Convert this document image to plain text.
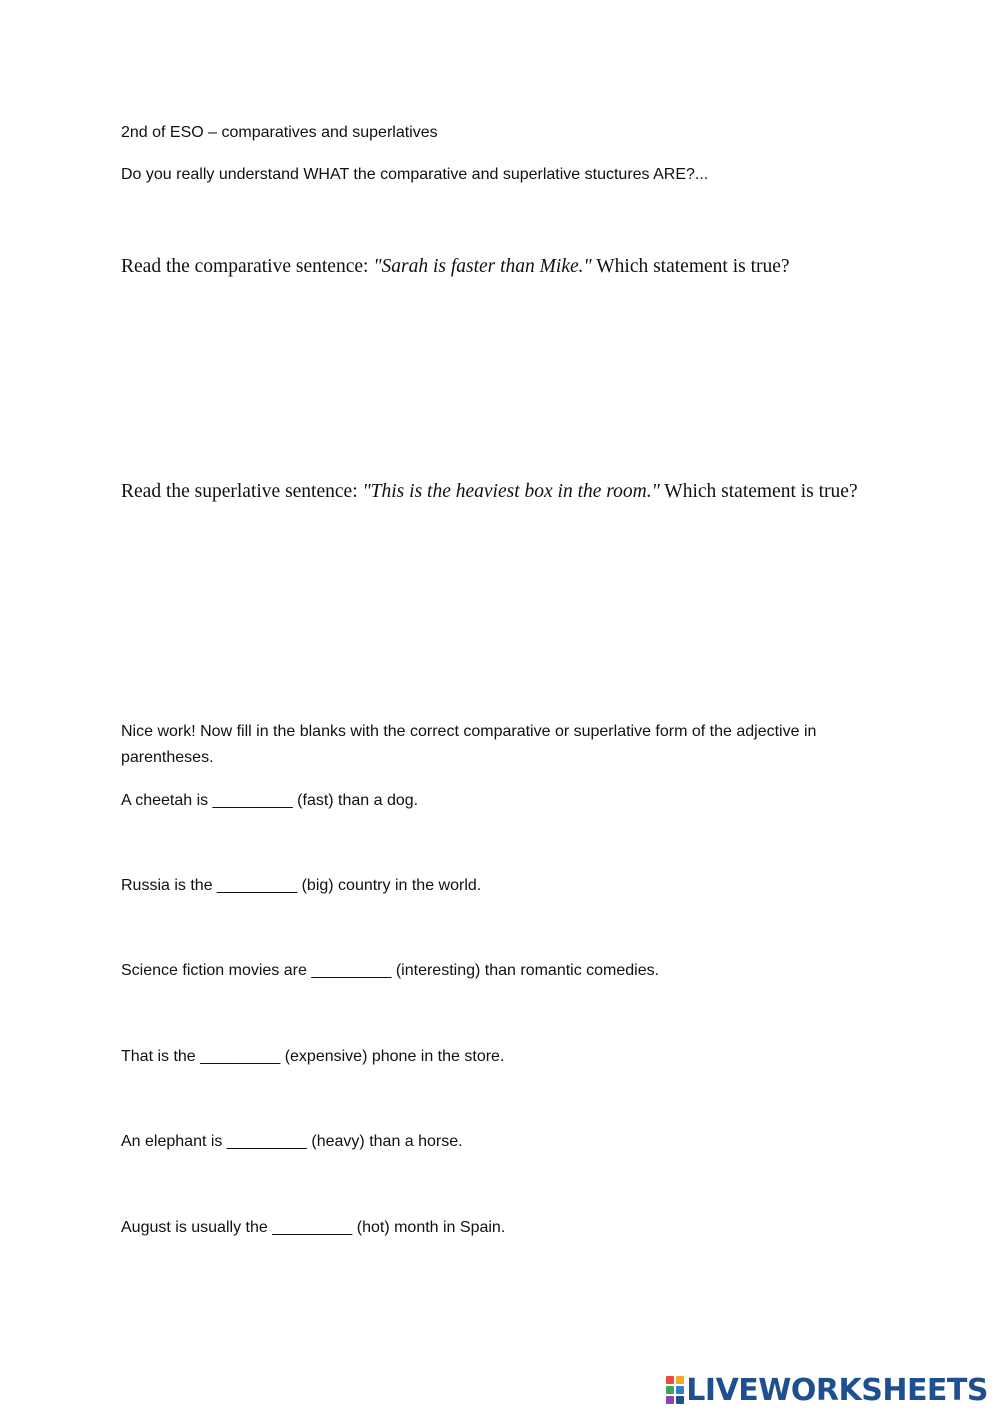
2nd of ESO – comparatives and superlatives
Do you really understand WHAT the comparative and superlative stuctures ARE?...
Read the comparative sentence: "Sarah is faster than Mike." Which statement is true?
Read the superlative sentence: "This is the heaviest box in the room." Which statement is true?
Nice work! Now fill in the blanks with the correct comparative or superlative form of the adjective in parentheses.
A cheetah is _________ (fast) than a dog.
Russia is the _________ (big) country in the world.
Science fiction movies are _________ (interesting) than romantic comedies.
That is the _________ (expensive) phone in the store.
An elephant is _________ (heavy) than a horse.
August is usually the _________ (hot) month in Spain.
LIVEWORKSHEETS
